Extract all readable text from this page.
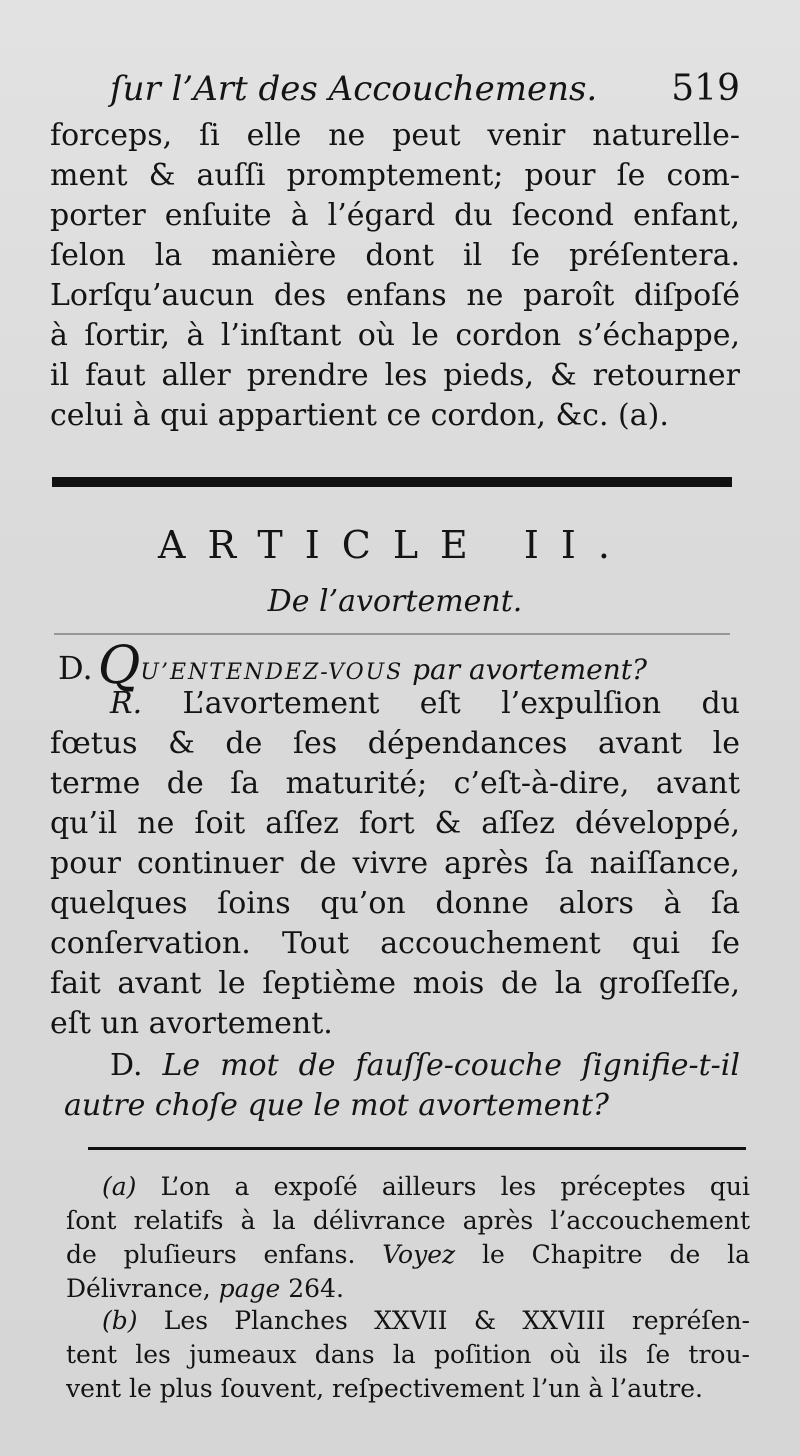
ſur l’Art des Accouchemens. 519
forceps, ſi elle ne peut venir naturelle-
ment & auſſi promptement; pour ſe com-
porter enſuite à l’égard du ſecond enfant,
ſelon la manière dont il ſe préſentera.
Lorſqu’aucun des enfans ne paroît diſpoſé
à ſortir, à l’inſtant où le cordon s’échappe,
il faut aller prendre les pieds, & retourner
celui à qui appartient ce cordon, &c. (a).
ARTICLE II.
De l’avortement.
D. QU’ENTENDEZ-VOUS par avortement?
R. L’avortement eſt l’expulſion du
fœtus & de ſes dépendances avant le
terme de ſa maturité; c’eſt-à-dire, avant
qu’il ne ſoit aſſez fort & aſſez développé,
pour continuer de vivre après ſa naiſſance,
quelques ſoins qu’on donne alors à ſa
conſervation. Tout accouchement qui ſe
fait avant le ſeptième mois de la groſſeſſe,
eſt un avortement.
D. Le mot de fauſſe-couche ſignifie-t-il
autre choſe que le mot avortement?
(a) L’on a expoſé ailleurs les préceptes qui
ſont relatifs à la délivrance après l’accouchement
de pluſieurs enfans. Voyez le Chapitre de la
Délivrance, page 264.
(b) Les Planches XXVII & XXVIII repréſen-
tent les jumeaux dans la poſition où ils ſe trou-
vent le plus ſouvent, reſpectivement l’un à l’autre.
